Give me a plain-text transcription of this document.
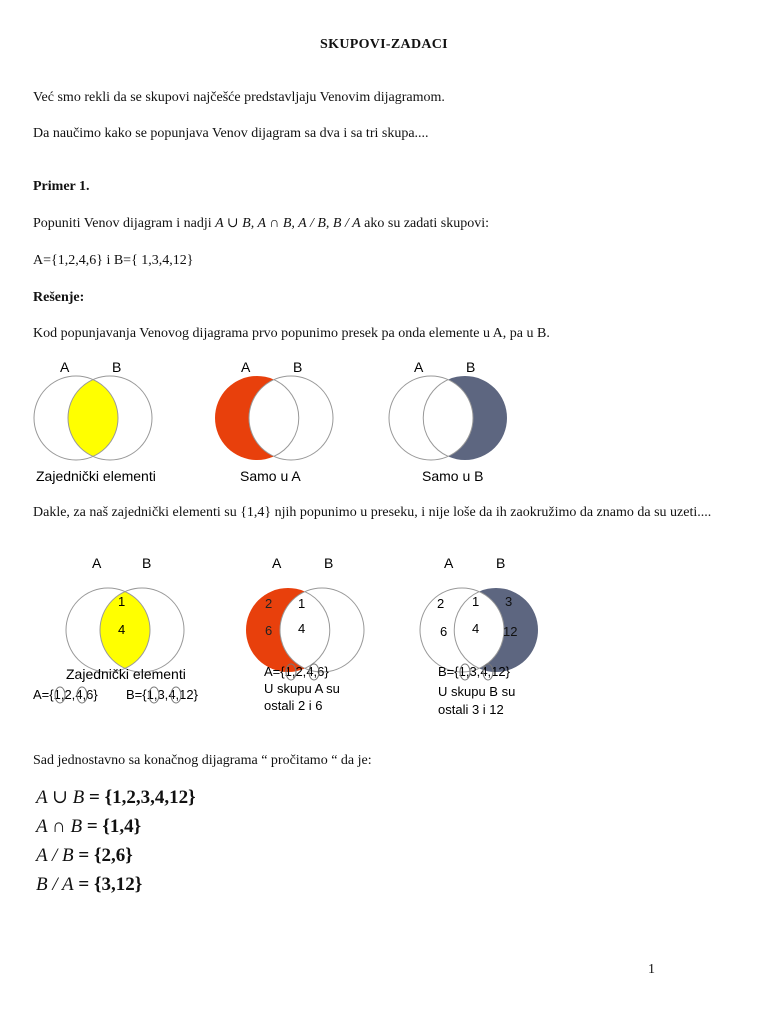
SKUPOVI-ZADACI
Već smo rekli da se skupovi najčešće predstavljaju Venovim dijagramom.
Da naučimo kako se popunjava Venov dijagram sa dva i sa tri skupa....
Primer 1.
Popuniti Venov dijagram i nadji A ∪ B, A ∩ B, A / B, B / A ako su zadati skupovi:
A={1,2,4,6} i B={ 1,3,4,12}
Rešenje:
Kod popunjavanja Venovog dijagrama prvo popunimo presek pa onda elemente u A, pa u B.
A	B
Zajednički elementi
A	B
Samo u A
A	B
Samo u B
Dakle, za naš zajednički elementi su {1,4} njih popunimo u preseku, i nije loše da ih zaokružimo da znamo da su uzeti....
A	B
1
4
Zajednički elementi
A={1,2,4,6} B={1,3,4,12}
A	B
2
6
1
4
A={1,2,4,6}
U skupu A su
ostali 2 i 6
A	B
2
6
1
4
3
12
B={1,3,4,12}
U skupu B su
ostali 3 i 12
Sad jednostavno sa konačnog dijagrama “ pročitamo “ da je:
A ∪ B = {1,2,3,4,12}
A ∩ B = {1,4}
A / B = {2,6}
B / A = {3,12}
1
